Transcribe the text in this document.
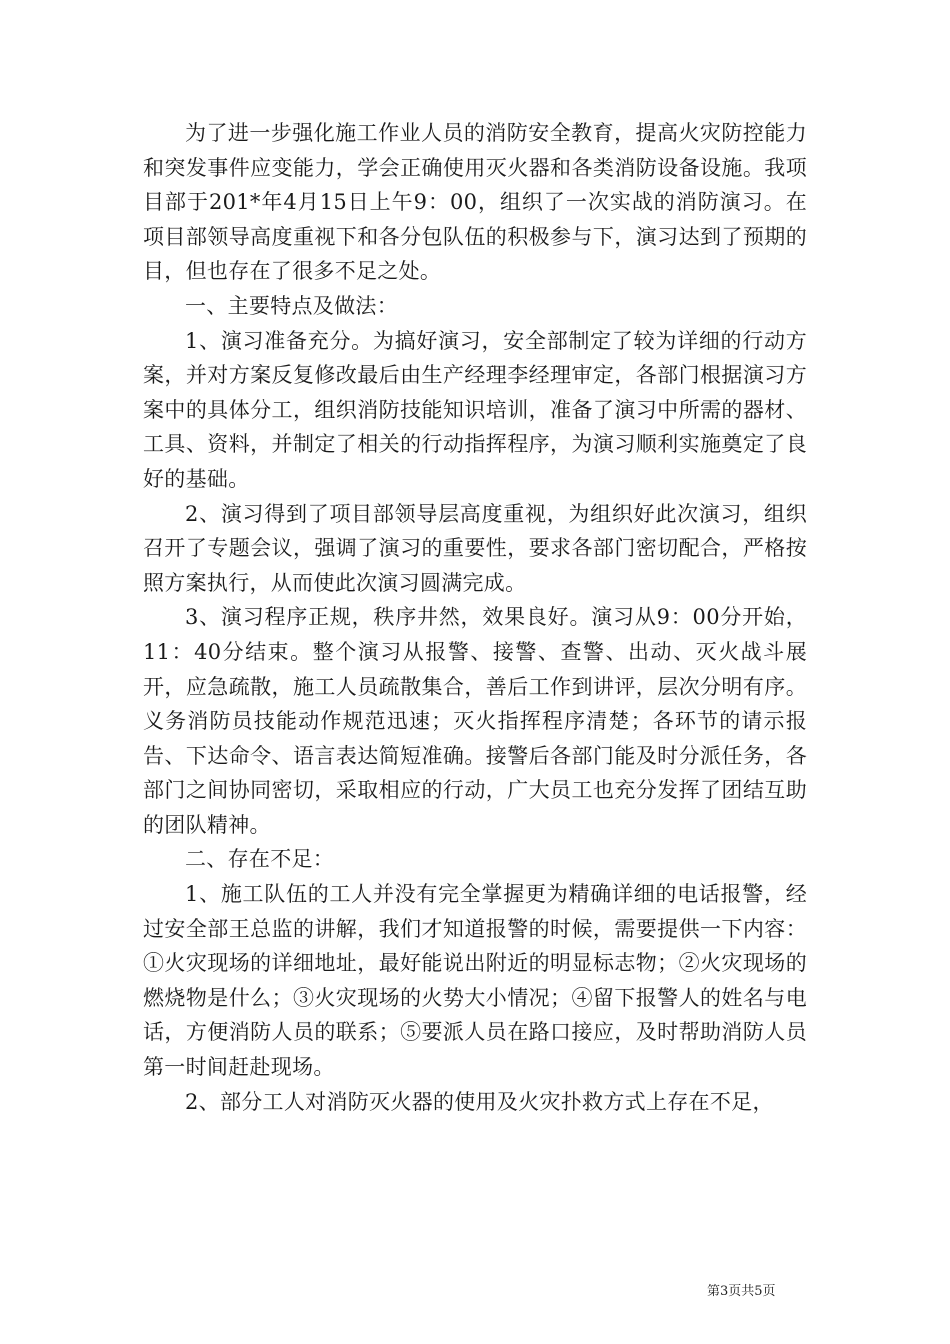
为了进一步强化施工作业人员的消防安全教育，提高火灾防控能力和突发事件应变能力，学会正确使用灭火器和各类消防设备设施。我项目部于201*年4月15日上午9：00，组织了一次实战的消防演习。在项目部领导高度重视下和各分包队伍的积极参与下，演习达到了预期的目，但也存在了很多不足之处。

一、主要特点及做法：

1、演习准备充分。为搞好演习，安全部制定了较为详细的行动方案，并对方案反复修改最后由生产经理李经理审定，各部门根据演习方案中的具体分工，组织消防技能知识培训，准备了演习中所需的器材、工具、资料，并制定了相关的行动指挥程序，为演习顺利实施奠定了良好的基础。

2、演习得到了项目部领导层高度重视，为组织好此次演习，组织召开了专题会议，强调了演习的重要性，要求各部门密切配合，严格按照方案执行，从而使此次演习圆满完成。

3、演习程序正规，秩序井然，效果良好。演习从9：00分开始，11：40分结束。整个演习从报警、接警、查警、出动、灭火战斗展开，应急疏散，施工人员疏散集合，善后工作到讲评，层次分明有序。义务消防员技能动作规范迅速；灭火指挥程序清楚；各环节的请示报告、下达命令、语言表达简短准确。接警后各部门能及时分派任务，各部门之间协同密切，采取相应的行动，广大员工也充分发挥了团结互助的团队精神。

二、存在不足：

1、施工队伍的工人并没有完全掌握更为精确详细的电话报警，经过安全部王总监的讲解，我们才知道报警的时候，需要提供一下内容：①火灾现场的详细地址，最好能说出附近的明显标志物；②火灾现场的燃烧物是什么；③火灾现场的火势大小情况；④留下报警人的姓名与电话，方便消防人员的联系；⑤要派人员在路口接应，及时帮助消防人员第一时间赶赴现场。

2、部分工人对消防灭火器的使用及火灾扑救方式上存在不足，

第3页共5页
